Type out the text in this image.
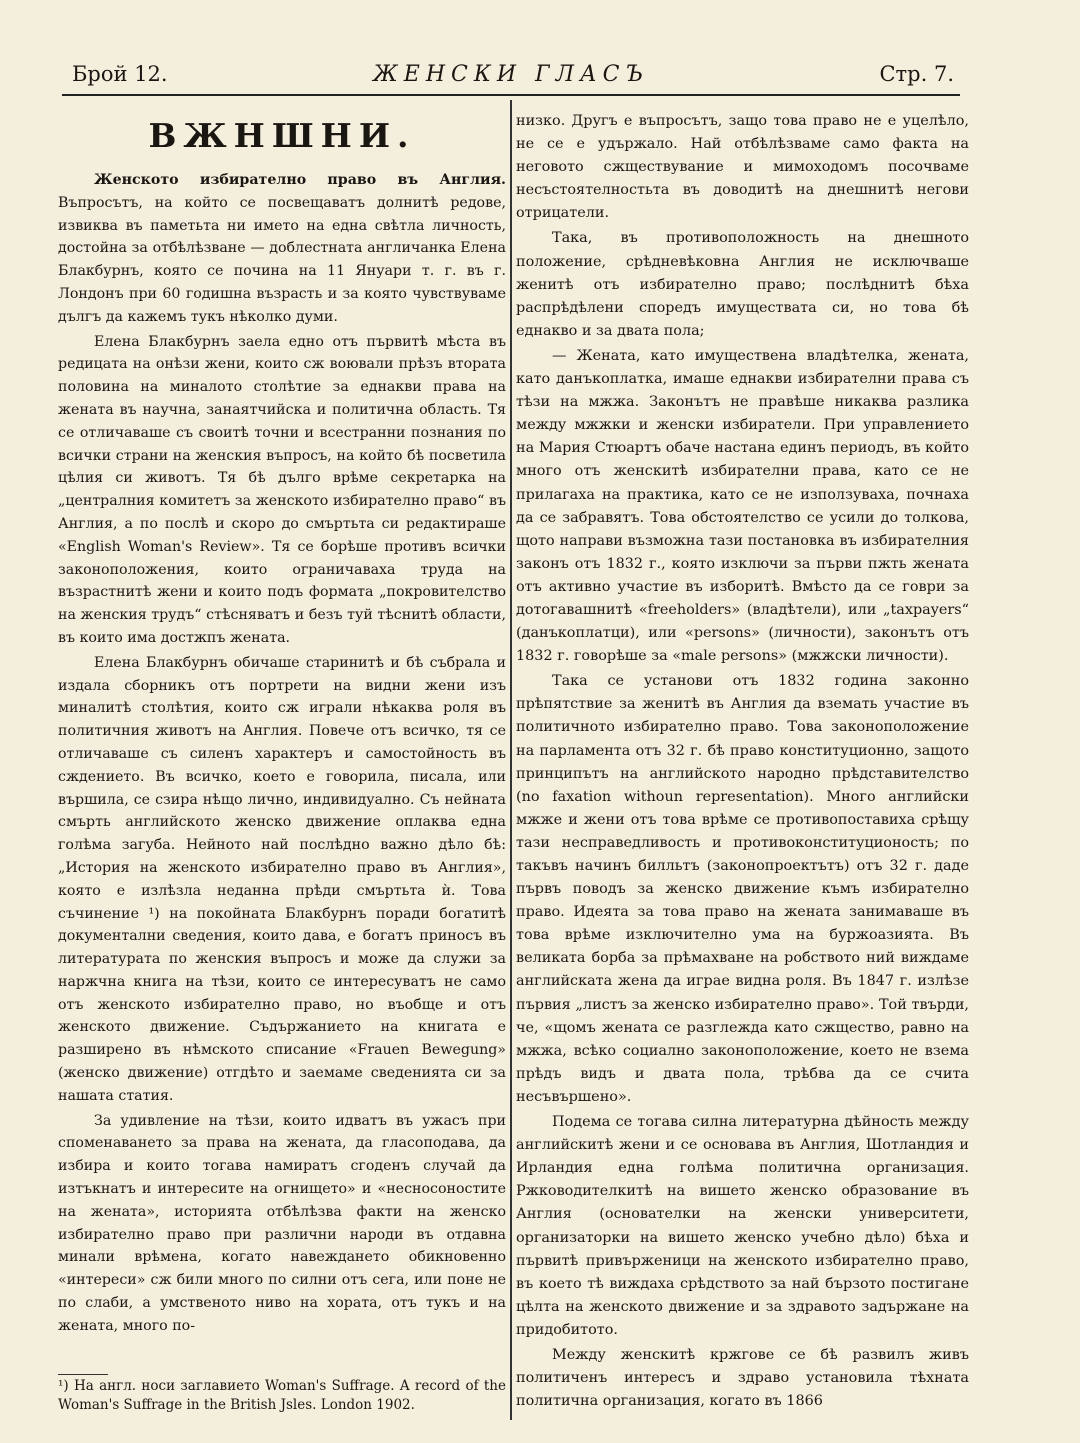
Брой 12.	ЖЕНСКИ ГЛАСЪ	Стр. 7.
ВЖНШНИ.

Женското избирателно право въ Англия. Въпросътъ, на който се посвещаватъ долнитѣ редове, извиква въ паметьта ни името на една свѣтла личность, достойна за отбѣлѣзване — доблестната англичанка Елена Блакбурнъ, която се почина на 11 Януари т. г. въ г. Лондонъ при 60 годишна възрасть и за която чувствуваме дългъ да кажемъ тукъ нѣколко думи.

Елена Блакбурнъ заела едно отъ първитѣ мѣста въ редицата на онѣзи жени, които сж воювали прѣзъ втората половина на миналото столѣтие за еднакви права на жената въ научна, занаятчийска и политична область. Тя се отличаваше съ своитѣ точни и всестранни познания по всички страни на женския въпросъ, на който бѣ посветила цѣлия си животъ. Тя бѣ дълго врѣме секретарка на „централния комитетъ за женското избирателно право“ въ Англия, а по послѣ и скоро до смъртьта си редактираше «English Woman's Review». Тя се борѣше противъ всички законоположения, които ограничаваха труда на възрастнитѣ жени и които подъ формата „покровителство на женския трудъ“ стѣсняватъ и безъ туй тѣснитѣ области, въ които има достжпъ жената.

Елена Блакбурнъ обичаше старинитѣ и бѣ събрала и издала сборникъ отъ портрети на видни жени изъ миналитѣ столѣтия, които сж играли нѣкаква роля въ политичния животъ на Англия. Повече отъ всичко, тя се отличаваше съ силенъ характеръ и самостойность въ сждението. Въ всичко, което е говорила, писала, или вършила, се сзира нѣщо лично, индивидуално. Съ нейната смърть английското женско движение оплаква една голѣма загуба. Нейното най послѣдно важно дѣло бѣ: „История на женското избирателно право въ Англия», която е излѣзла неданна прѣди смъртьта ѝ. Това съчинение ¹) на покойната Блакбурнъ поради богатитѣ документални сведения, които дава, е богатъ приносъ въ литературата по женския въпросъ и може да служи за наржчна книга на тѣзи, които се интересуватъ не само отъ женското избирателно право, но въобще и отъ женското движение. Съдържанието на книгата е разширено въ нѣмското списание «Frauen Bewegung» (женско движение) отгдѣто и заемаме сведенията си за нашата статия.

За удивление на тѣзи, които идватъ въ ужасъ при споменаването за права на жената, да гласоподава, да избира и които тогава намиратъ сгоденъ случай да изтъкнатъ и интересите на огнището» и «несносоностите на жената», историята отбѣлѣзва факти на женско избирателно право при различни народи въ отдавна минали врѣмена, когато навеждането обикновенно «интереси» сж били много по силни отъ сега, или поне не по слаби, а умственото ниво на хората, отъ тукъ и на жената, много по-

низко. Другъ е въпросътъ, защо това право не е уцелѣло, не се е удържало. Най отбѣлѣзваме само факта на неговото сжществувание и мимоходомъ посочваме несъстоятелностьта въ доводитѣ на днешнитѣ негови отрицатели.

Така, въ противоположность на днешното положение, срѣдневѣковна Англия не исключваше женитѣ отъ избирателно право; послѣднитѣ бѣха распрѣдѣлени споредъ имуществата си, но това бѣ еднакво и за двата пола;

— Жената, като имуществена владѣтелка, жената, като данъкоплатка, имаше еднакви избирателни права съ тѣзи на мжжа. Законътъ не правѣше никаква разлика между мжжки и женски избиратели. При управлението на Мария Стюартъ обаче настана единъ периодъ, въ който много отъ женскитѣ избирателни права, като се не прилагаха на практика, като се не използуваха, почнаха да се забравятъ. Това обстоятелство се усили до толкова, щото направи възможна тази постановка въ избирателния законъ отъ 1832 г., която изключи за първи пжть жената отъ активно участие въ изборитѣ. Вмѣсто да се говри за дотогавашнитѣ «freeholders» (владѣтели), или „taxpayers“ (данъкоплатци), или «persons» (личности), законътъ отъ 1832 г. говорѣше за «male persons» (мжжски личности).

Така се установи отъ 1832 година законно прѣпятствие за женитѣ въ Англия да вземать участие въ политичното избирателно право. Това законоположение на парламента отъ 32 г. бѣ право конституционно, защото принципътъ на английското народно прѣдставителство (no faxation withoun representation). Много английски мжже и жени отъ това врѣме се противопоставиха срѣщу тази несправедливость и противоконституционость; по такъвъ начинъ билльтъ (законопроектътъ) отъ 32 г. даде първъ поводъ за женско движение къмъ избирателно право. Идеята за това право на жената занимаваше въ това врѣме изключително ума на буржоазията. Въ великата борба за прѣмахване на робството ний виждаме английската жена да играе видна роля. Въ 1847 г. излѣзе първия „листъ за женско избирателно право». Той твърди, че, «щомъ жената се разглежда като сжщество, равно на мжжа, всѣко социално законоположение, което не взема прѣдъ видъ и двата пола, трѣбва да се счита несъвършено».

Подема се тогава силна литературна дѣйность между английскитѣ жени и се основава въ Англия, Шотландия и Ирландия една голѣма политична организация. Ржководителкитѣ на вишето женско образование въ Англия (основателки на женски университети, организаторки на вишето женско учебно дѣло) бѣха и първитѣ привърженици на женското избирателно право, въ което тѣ виждаха срѣдството за най бързото постигане цѣлта на женското движение и за здравото задържане на придобитото.

Между женскитѣ кржгове се бѣ развилъ живъ политиченъ интересъ и здраво установила тѣхната политична организация, когато въ 1866

¹) На англ. носи заглавието Woman's Suffrage. A record of the Woman's Suffrage in the British Jsles. London 1902.
